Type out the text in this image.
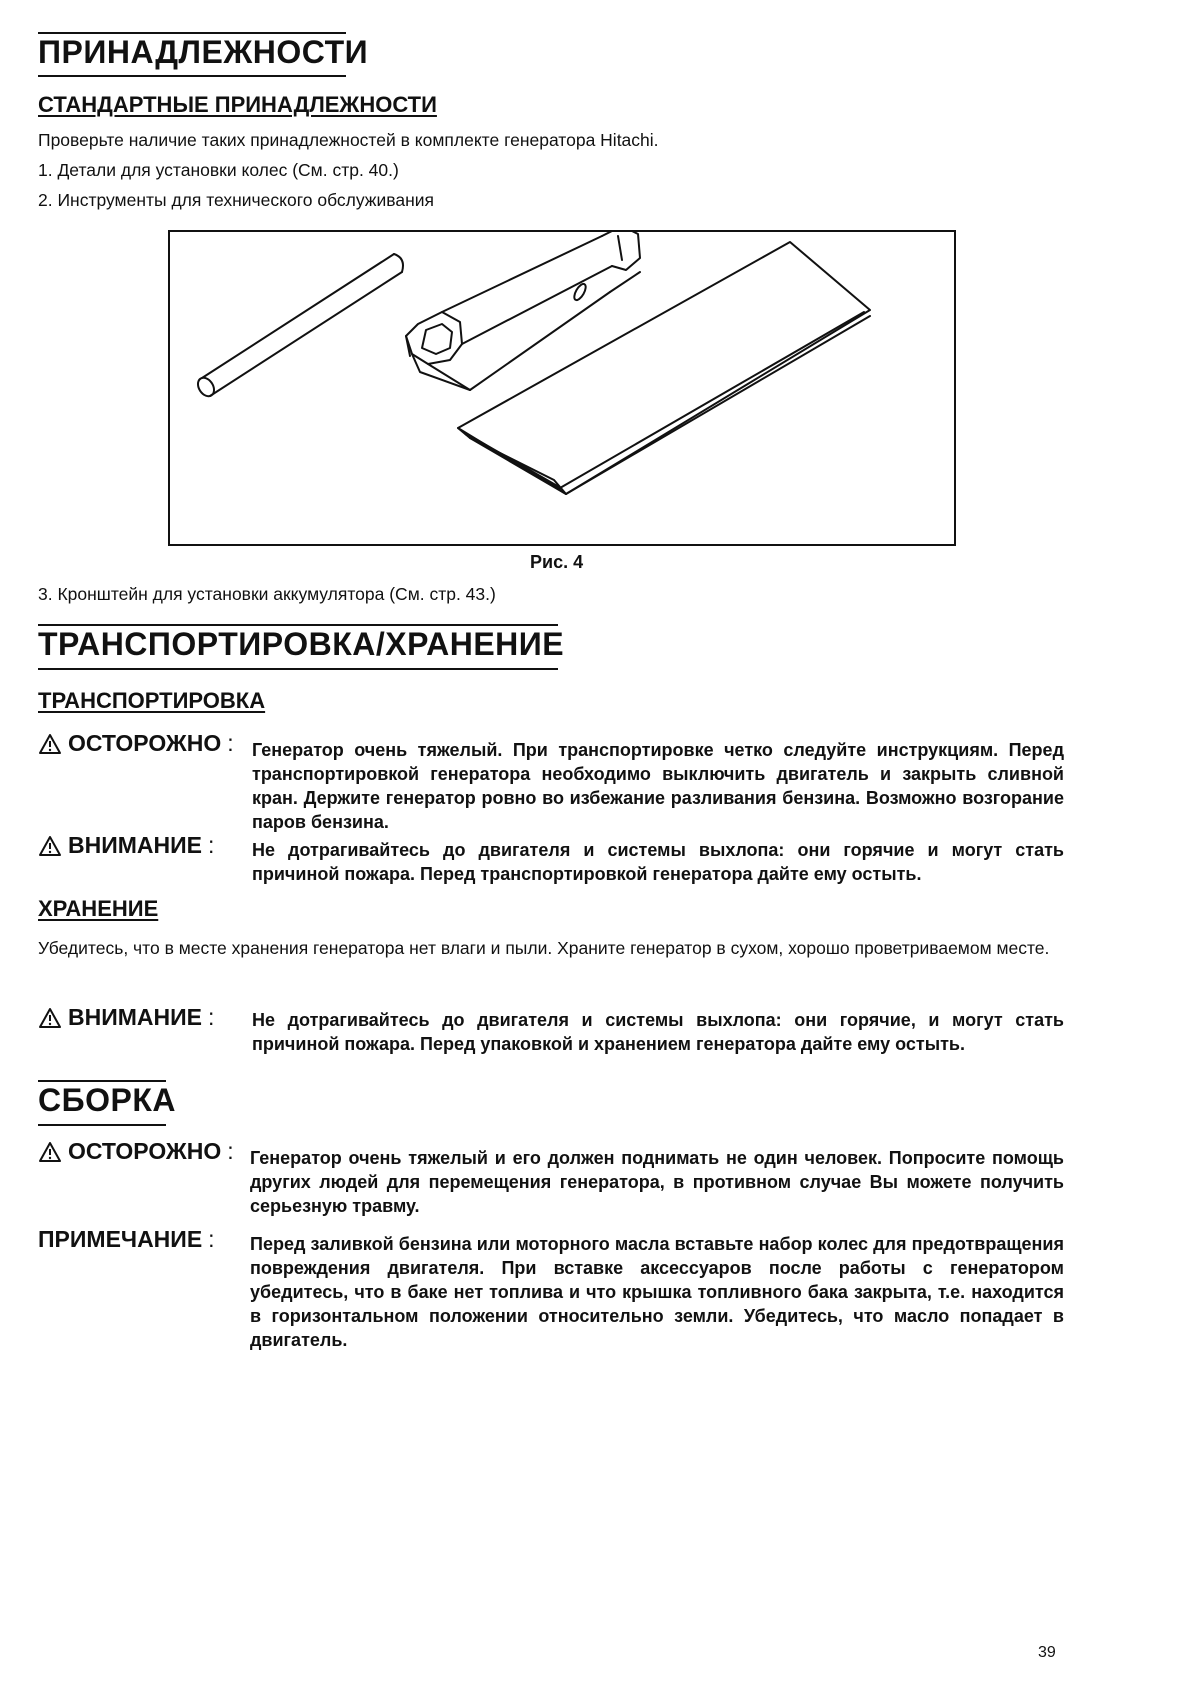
ПРИНАДЛЕЖНОСТИ
СТАНДАРТНЫЕ ПРИНАДЛЕЖНОСТИ
Проверьте наличие таких принадлежностей в комплекте генератора Hitachi.
1. Детали для установки колес (См. стр. 40.)
2. Инструменты для технического обслуживания
Рис. 4
3. Кронштейн для установки аккумулятора (См. стр. 43.)
ТРАНСПОРТИРОВКА/ХРАНЕНИЕ
ТРАНСПОРТИРОВКА
ОСТОРОЖНО : Генератор очень тяжелый. При транспортировке четко следуйте инструкциям. Перед транспортировкой генератора необходимо выключить двигатель и закрыть сливной кран. Держите генератор ровно во избежание разливания бензина. Возможно возгорание паров бензина.
ВНИМАНИЕ : Не дотрагивайтесь до двигателя и системы выхлопа: они горячие и могут стать причиной пожара. Перед транспортировкой генератора дайте ему остыть.
ХРАНЕНИЕ
Убедитесь, что в месте хранения генератора нет влаги и пыли. Храните генератор в сухом, хорошо проветриваемом месте.
ВНИМАНИЕ : Не дотрагивайтесь до двигателя и системы выхлопа: они горячие, и могут стать причиной пожара. Перед упаковкой и хранением генератора дайте ему остыть.
СБОРКА
ОСТОРОЖНО : Генератор очень тяжелый и его должен поднимать не один человек. Попросите помощь других людей для перемещения генератора, в противном случае Вы можете получить серьезную травму.
ПРИМЕЧАНИЕ : Перед заливкой бензина или моторного масла вставьте набор колес для предотвращения повреждения двигателя. При вставке аксессуаров после работы с генератором убедитесь, что в баке нет топлива и что крышка топливного бака закрыта, т.е. находится в горизонтальном положении относительно земли. Убедитесь, что масло попадает в двигатель.
39
